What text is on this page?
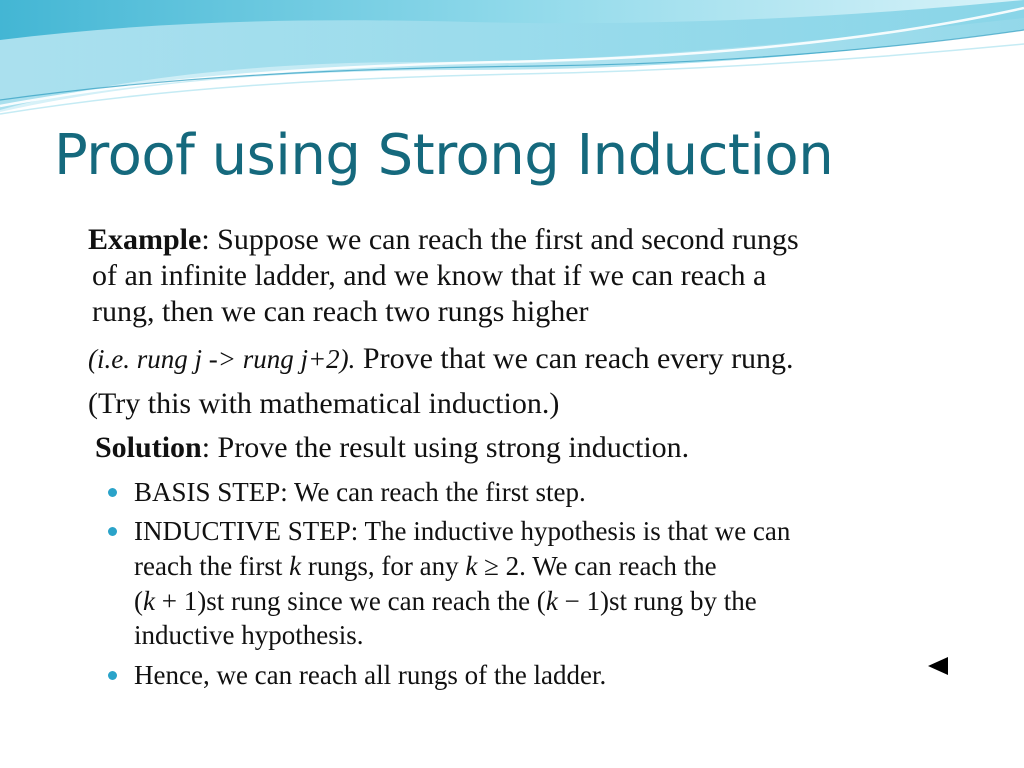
Proof using Strong Induction
Example: Suppose we can reach the first and second rungs
of an infinite ladder, and we know that if we can reach a
rung, then we can reach two rungs higher
(i.e. rung j -> rung j+2). Prove that we can reach every rung.
(Try this with mathematical induction.)
Solution: Prove the result using strong induction.
BASIS STEP: We can reach the first step.
INDUCTIVE STEP: The inductive hypothesis is that we can
reach the first k rungs, for any k ≥ 2. We can reach the
(k + 1)st rung since we can reach the (k − 1)st rung by the
inductive hypothesis.
Hence, we can reach all rungs of the ladder.
